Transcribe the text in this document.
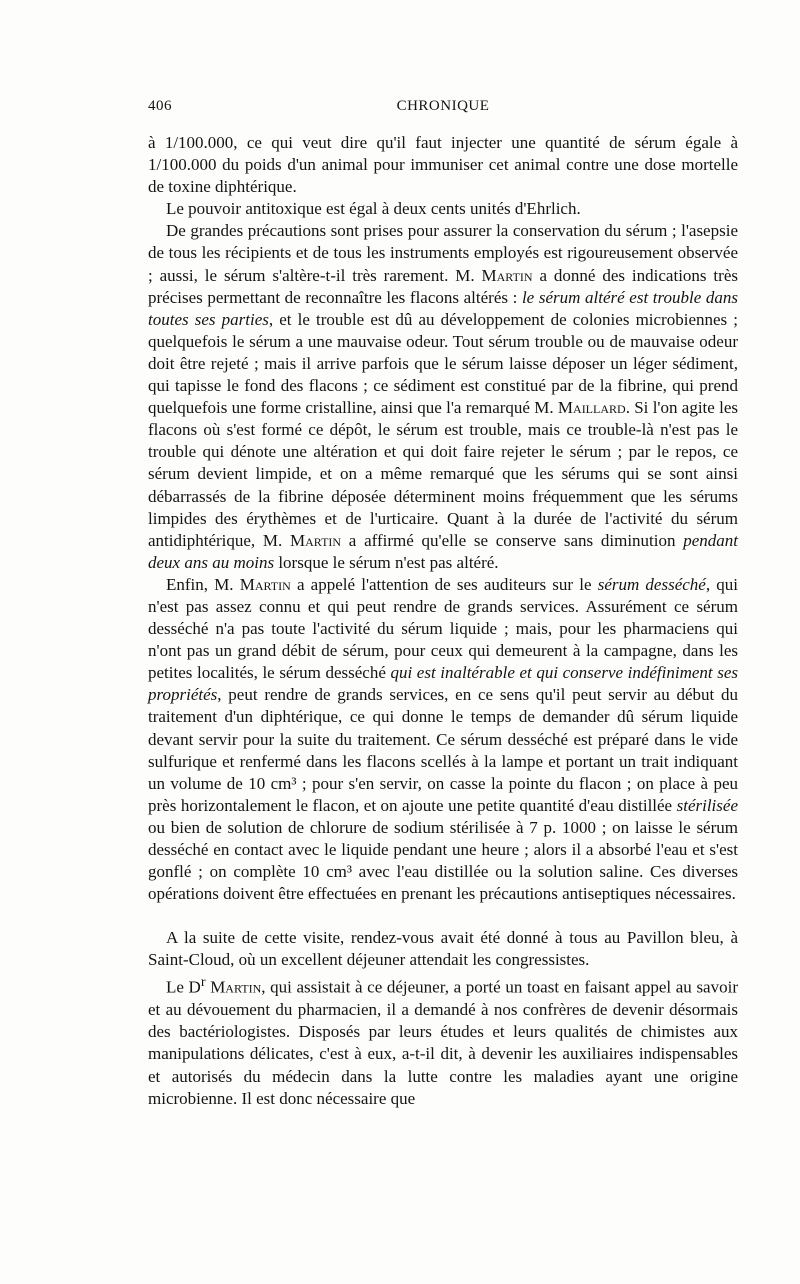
406	CHRONIQUE

à 1/100.000, ce qui veut dire qu'il faut injecter une quantité de sérum égale à 1/100.000 du poids d'un animal pour immuniser cet animal contre une dose mortelle de toxine diphtérique.

Le pouvoir antitoxique est égal à deux cents unités d'Ehrlich.

De grandes précautions sont prises pour assurer la conservation du sérum ; l'asepsie de tous les récipients et de tous les instruments employés est rigoureusement observée ; aussi, le sérum s'altère-t-il très rarement. M. Martin a donné des indications très précises permettant de reconnaître les flacons altérés : le sérum altéré est trouble dans toutes ses parties, et le trouble est dû au développement de colonies microbiennes ; quelquefois le sérum a une mauvaise odeur. Tout sérum trouble ou de mauvaise odeur doit être rejeté ; mais il arrive parfois que le sérum laisse déposer un léger sédiment, qui tapisse le fond des flacons ; ce sédiment est constitué par de la fibrine, qui prend quelquefois une forme cristalline, ainsi que l'a remarqué M. Maillard. Si l'on agite les flacons où s'est formé ce dépôt, le sérum est trouble, mais ce trouble-là n'est pas le trouble qui dénote une altération et qui doit faire rejeter le sérum ; par le repos, ce sérum devient limpide, et on a même remarqué que les sérums qui se sont ainsi débarrassés de la fibrine déposée déterminent moins fréquemment que les sérums limpides des érythèmes et de l'urticaire. Quant à la durée de l'activité du sérum antidiphtérique, M. Martin a affirmé qu'elle se conserve sans diminution pendant deux ans au moins lorsque le sérum n'est pas altéré.

Enfin, M. Martin a appelé l'attention de ses auditeurs sur le sérum desséché, qui n'est pas assez connu et qui peut rendre de grands services. Assurément ce sérum desséché n'a pas toute l'activité du sérum liquide ; mais, pour les pharmaciens qui n'ont pas un grand débit de sérum, pour ceux qui demeurent à la campagne, dans les petites localités, le sérum desséché qui est inaltérable et qui conserve indéfiniment ses propriétés, peut rendre de grands services, en ce sens qu'il peut servir au début du traitement d'un diphtérique, ce qui donne le temps de demander dû sérum liquide devant servir pour la suite du traitement. Ce sérum desséché est préparé dans le vide sulfurique et renfermé dans les flacons scellés à la lampe et portant un trait indiquant un volume de 10 cm³ ; pour s'en servir, on casse la pointe du flacon ; on place à peu près horizontalement le flacon, et on ajoute une petite quantité d'eau distillée stérilisée ou bien de solution de chlorure de sodium stérilisée à 7 p. 1000 ; on laisse le sérum desséché en contact avec le liquide pendant une heure ; alors il a absorbé l'eau et s'est gonflé ; on complète 10 cm³ avec l'eau distillée ou la solution saline. Ces diverses opérations doivent être effectuées en prenant les précautions antiseptiques nécessaires.

A la suite de cette visite, rendez-vous avait été donné à tous au Pavillon bleu, à Saint-Cloud, où un excellent déjeuner attendait les congressistes.

Le $D^r$ Martin, qui assistait à ce déjeuner, a porté un toast en faisant appel au savoir et au dévouement du pharmacien, il a demandé à nos confrères de devenir désormais des bactériologistes. Disposés par leurs études et leurs qualités de chimistes aux manipulations délicates, c'est à eux, a-t-il dit, à devenir les auxiliaires indispensables et autorisés du médecin dans la lutte contre les maladies ayant une origine microbienne. Il est donc nécessaire que
